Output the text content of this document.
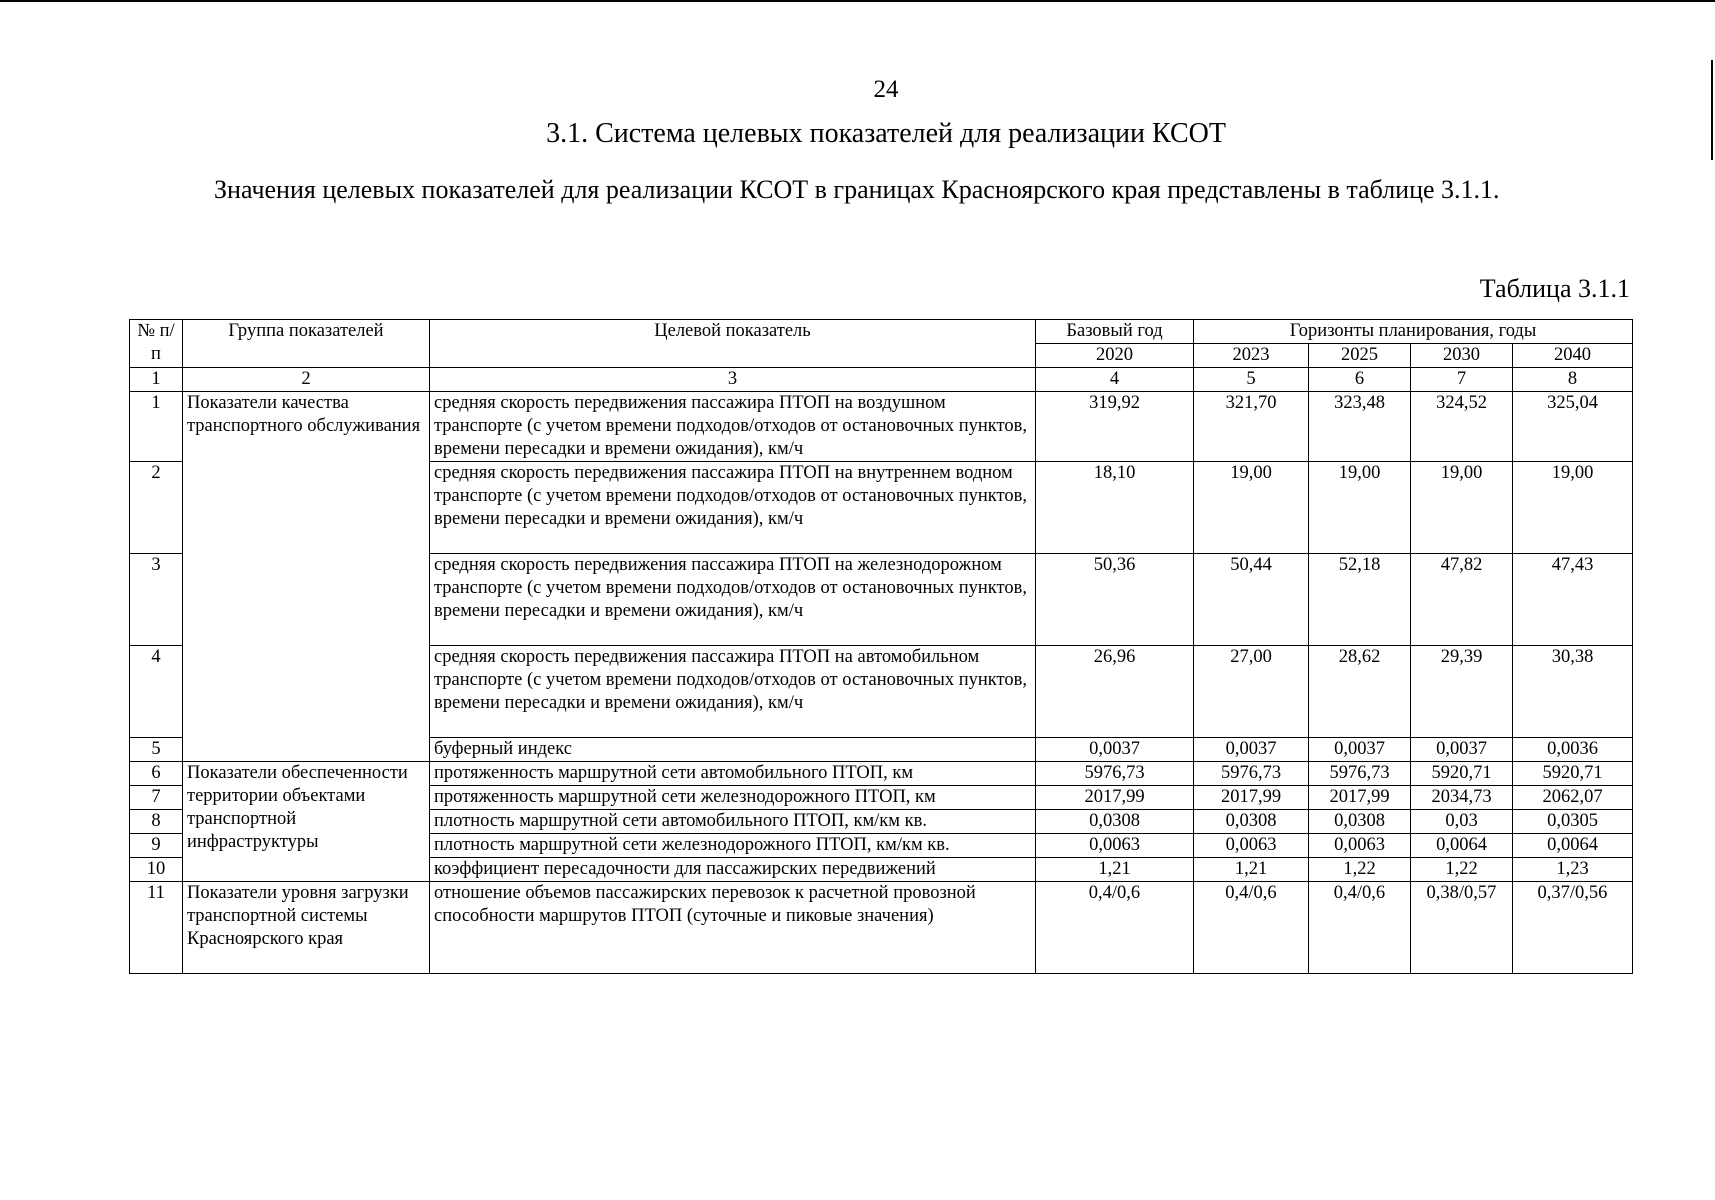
24
3.1. Система целевых показателей для реализации КСОТ

Значения целевых показателей для реализации КСОТ в границах Красноярского края представлены в таблице 3.1.1.

Таблица 3.1.1
№ п/п	Группа показателей	Целевой показатель	Базовый год	Горизонты планирования, годы			
			2020	2023	2025	2030	2040
1	2	3	4	5	6	7	8
1	Показатели качества транспортного обслуживания	средняя скорость передвижения пассажира ПТОП на воздушном транспорте (с учетом времени подходов/отходов от остановочных пунктов, времени пересадки и времени ожидания), км/ч	319,92	321,70	323,48	324,52	325,04
2		средняя скорость передвижения пассажира ПТОП на внутреннем водном транспорте (с учетом времени подходов/отходов от остановочных пунктов, времени пересадки и времени ожидания), км/ч	18,10	19,00	19,00	19,00	19,00
3		средняя скорость передвижения пассажира ПТОП на железнодорожном транспорте (с учетом времени подходов/отходов от остановочных пунктов, времени пересадки и времени ожидания), км/ч	50,36	50,44	52,18	47,82	47,43
4		средняя скорость передвижения пассажира ПТОП на автомобильном транспорте (с учетом времени подходов/отходов от остановочных пунктов, времени пересадки и времени ожидания), км/ч	26,96	27,00	28,62	29,39	30,38
5		буферный индекс	0,0037	0,0037	0,0037	0,0037	0,0036
6	Показатели обеспеченности территории объектами транспортной инфраструктуры	протяженность маршрутной сети автомобильного ПТОП, км	5976,73	5976,73	5976,73	5920,71	5920,71
7		протяженность маршрутной сети железнодорожного ПТОП, км	2017,99	2017,99	2017,99	2034,73	2062,07
8		плотность маршрутной сети автомобильного ПТОП, км/км кв.	0,0308	0,0308	0,0308	0,03	0,0305
9		плотность маршрутной сети железнодорожного ПТОП, км/км кв.	0,0063	0,0063	0,0063	0,0064	0,0064
10		коэффициент пересадочности для пассажирских передвижений	1,21	1,21	1,22	1,22	1,23
11	Показатели уровня загрузки транспортной системы Красноярского края	отношение объемов пассажирских перевозок к расчетной провозной способности маршрутов ПТОП (суточные и пиковые значения)	0,4/0,6	0,4/0,6	0,4/0,6	0,38/0,57	0,37/0,56
